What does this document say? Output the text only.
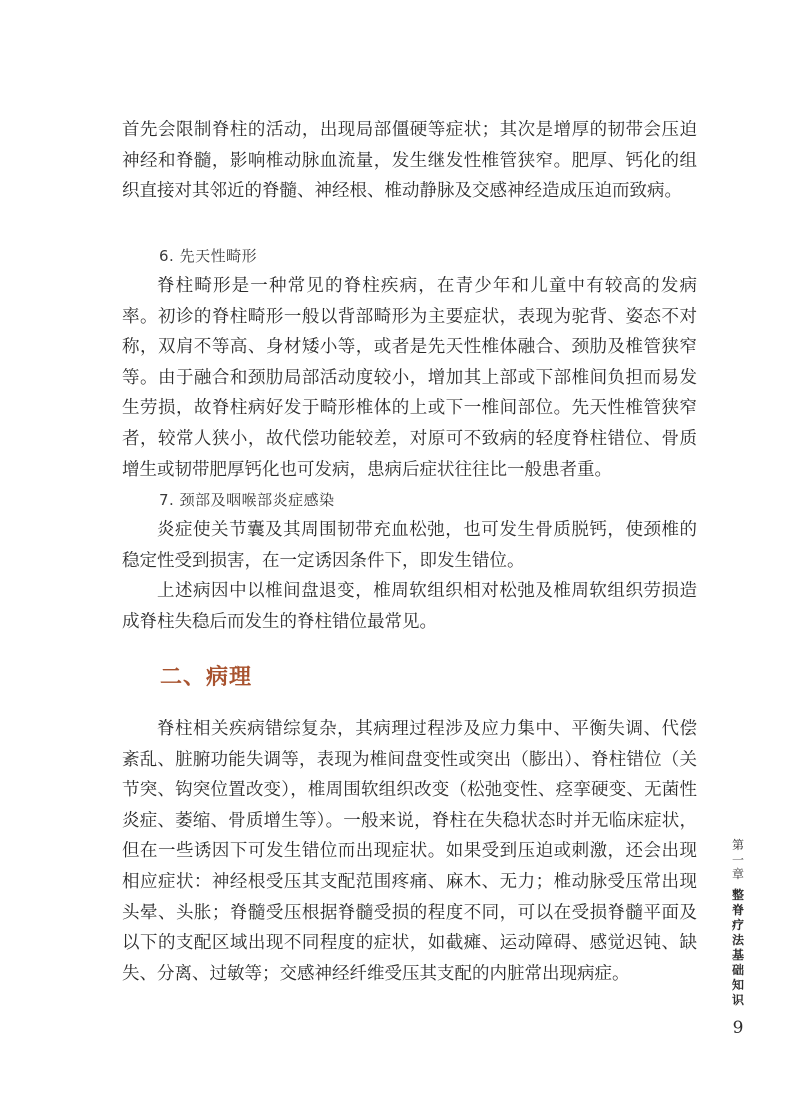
首先会限制脊柱的活动，出现局部僵硬等症状；其次是增厚的韧带会压迫神经和脊髓，影响椎动脉血流量，发生继发性椎管狭窄。肥厚、钙化的组织直接对其邻近的脊髓、神经根、椎动静脉及交感神经造成压迫而致病。

6. 先天性畸形

脊柱畸形是一种常见的脊柱疾病，在青少年和儿童中有较高的发病率。初诊的脊柱畸形一般以背部畸形为主要症状，表现为驼背、姿态不对称，双肩不等高、身材矮小等，或者是先天性椎体融合、颈肋及椎管狭窄等。由于融合和颈肋局部活动度较小，增加其上部或下部椎间负担而易发生劳损，故脊柱病好发于畸形椎体的上或下一椎间部位。先天性椎管狭窄者，较常人狭小，故代偿功能较差，对原可不致病的轻度脊柱错位、骨质增生或韧带肥厚钙化也可发病，患病后症状往往比一般患者重。

7. 颈部及咽喉部炎症感染

炎症使关节囊及其周围韧带充血松弛，也可发生骨质脱钙，使颈椎的稳定性受到损害，在一定诱因条件下，即发生错位。

上述病因中以椎间盘退变，椎周软组织相对松弛及椎周软组织劳损造成脊柱失稳后而发生的脊柱错位最常见。

二、病理

脊柱相关疾病错综复杂，其病理过程涉及应力集中、平衡失调、代偿紊乱、脏腑功能失调等，表现为椎间盘变性或突出（膨出）、脊柱错位（关节突、钩突位置改变），椎周围软组织改变（松弛变性、痉挛硬变、无菌性炎症、萎缩、骨质增生等）。一般来说，脊柱在失稳状态时并无临床症状，但在一些诱因下可发生错位而出现症状。如果受到压迫或刺激，还会出现相应症状：神经根受压其支配范围疼痛、麻木、无力；椎动脉受压常出现头晕、头胀；脊髓受压根据脊髓受损的程度不同，可以在受损脊髓平面及以下的支配区域出现不同程度的症状，如截瘫、运动障碍、感觉迟钝、缺失、分离、过敏等；交感神经纤维受压其支配的内脏常出现病症。

第一章
整脊疗法基础知识
9
